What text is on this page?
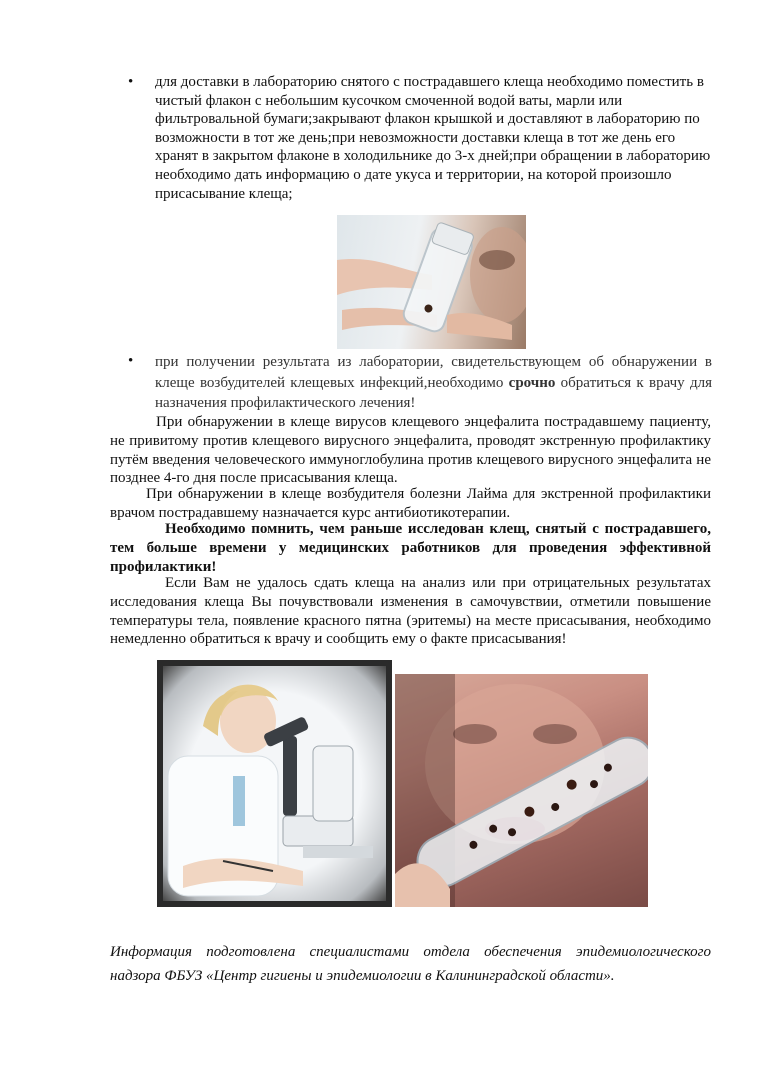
• для доставки в лабораторию снятого с пострадавшего клеща необходимо поместить в чистый флакон с небольшим кусочком смоченной водой ваты, марли или фильтровальной бумаги;закрывают флакон крышкой и доставляют в лабораторию по возможности в тот же день;при невозможности доставки клеща в тот же день его хранят в закрытом флаконе в холодильнике до 3-х дней;при обращении в лабораторию необходимо дать информацию о дате укуса и территории, на которой произошло присасывание клеща;
• при получении результата из лаборатории, свидетельствующем об обнаружении в клеще возбудителей клещевых инфекций,необходимо срочно обратиться к врачу для назначения профилактического лечения!

При обнаружении в клеще вирусов клещевого энцефалита пострадавшему пациенту, не привитому против клещевого вирусного энцефалита, проводят экстренную профилактику путём введения человеческого иммуноглобулина против клещевого вирусного энцефалита не позднее 4-го дня после присасывания клеща.

При обнаружении в клеще возбудителя болезни Лайма для экстренной профилактики врачом пострадавшему назначается курс антибиотикотерапии.

Необходимо помнить, чем раньше исследован клещ, снятый с пострадавшего, тем больше времени у медицинских работников для проведения эффективной профилактики!

Если Вам не удалось сдать клеща на анализ или при отрицательных результатах исследования клеща Вы почувствовали изменения в самочувствии, отметили повышение температуры тела, появление красного пятна (эритемы) на месте присасывания, необходимо немедленно обратиться к врачу и сообщить ему о факте присасывания!

Информация подготовлена специалистами отдела обеспечения эпидемиологического надзора ФБУЗ «Центр гигиены и эпидемиологии в Калининградской области».
